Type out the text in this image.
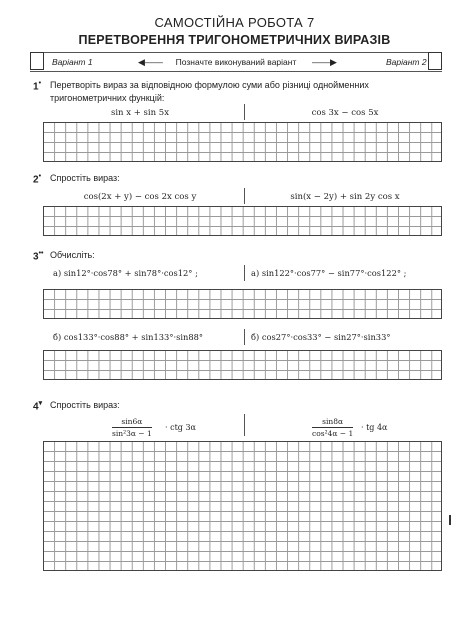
САМОСТІЙНА РОБОТА 7
ПЕРЕТВОРЕННЯ ТРИГОНОМЕТРИЧНИХ ВИРАЗІВ
Варіант 1	◀——	Позначте виконуваний варіант	——▶	Варіант 2
1• Перетворіть вираз за відповідною формулою суми або різниці однойменних тригонометричних функцій:
sin x + sin 5x	cos 3x − cos 5x
2• Спростіть вираз:
cos(2x + y) − cos 2x cos y	sin(x − 2y) + sin 2y cos x
3•• Обчисліть:
а) sin12°·cos78° + sin78°·cos12° ;	а) sin122°·cos77° − sin77°·cos122° ;
б) cos133°·cos88° + sin133°·sin88°	б) cos27°·cos33° − sin27°·sin33°
4▾ Спростіть вираз:
$\frac{\sin 6\alpha}{\text{sin²3α − 1}}$ · ctg 3α	$\frac{\sin 8\alpha}{\text{cos²4α − 1}}$ · tg 4α
